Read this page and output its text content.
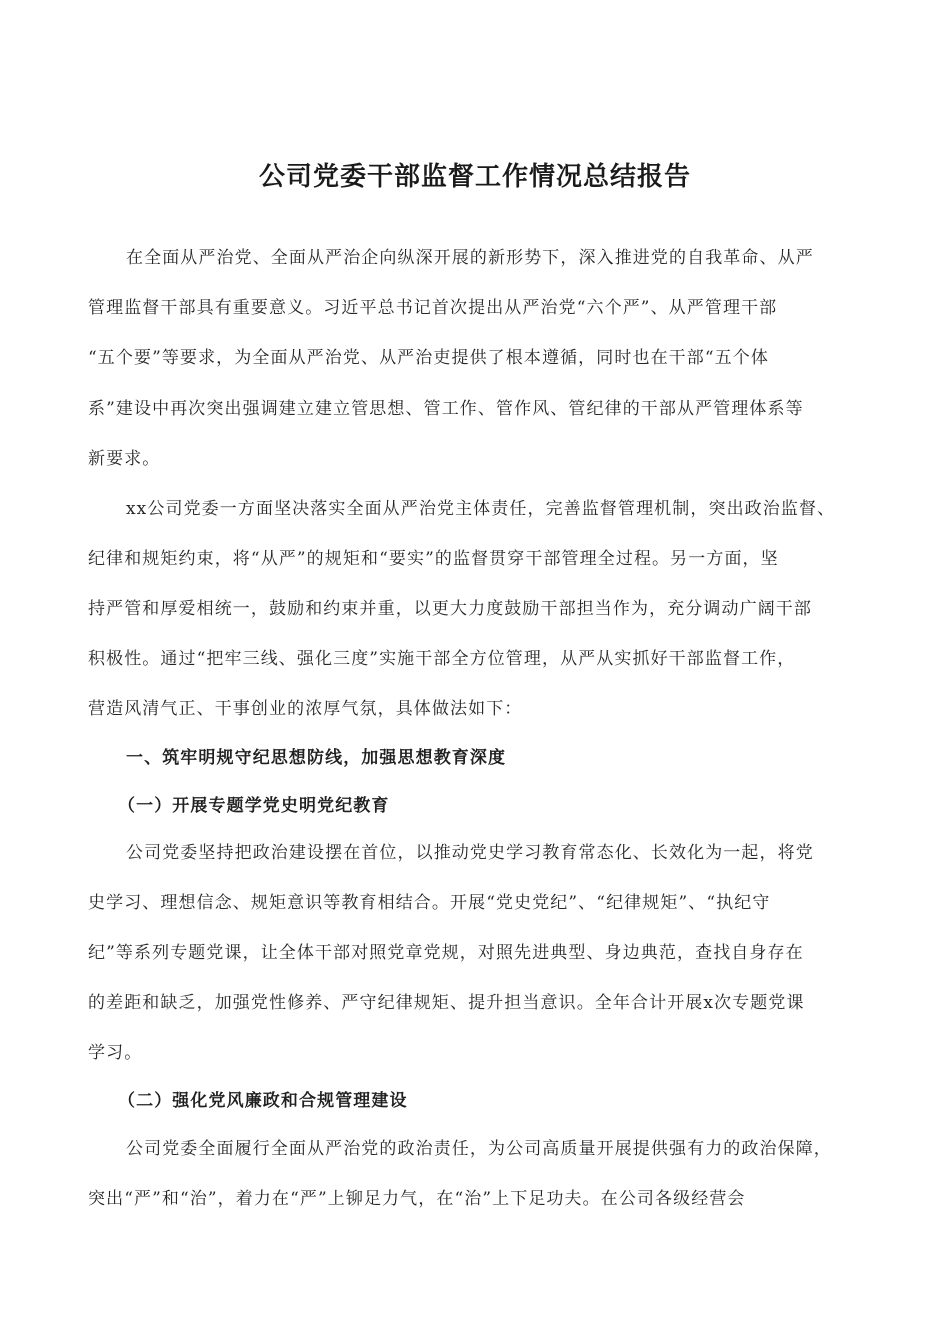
公司党委干部监督工作情况总结报告
在全面从严治党、全面从严治企向纵深开展的新形势下，深入推进党的自我革命、从严
管理监督干部具有重要意义。习近平总书记首次提出从严治党“六个严”、从严管理干部
“五个要”等要求，为全面从严治党、从严治吏提供了根本遵循，同时也在干部“五个体
系”建设中再次突出强调建立建立管思想、管工作、管作风、管纪律的干部从严管理体系等
新要求。
xx公司党委一方面坚决落实全面从严治党主体责任，完善监督管理机制，突出政治监督、
纪律和规矩约束，将“从严”的规矩和“要实”的监督贯穿干部管理全过程。另一方面，坚
持严管和厚爱相统一，鼓励和约束并重，以更大力度鼓励干部担当作为，充分调动广阔干部
积极性。通过“把牢三线、强化三度”实施干部全方位管理，从严从实抓好干部监督工作，
营造风清气正、干事创业的浓厚气氛，具体做法如下：
一、筑牢明规守纪思想防线，加强思想教育深度
（一）开展专题学党史明党纪教育
公司党委坚持把政治建设摆在首位，以推动党史学习教育常态化、长效化为一起，将党
史学习、理想信念、规矩意识等教育相结合。开展“党史党纪”、“纪律规矩”、“执纪守
纪”等系列专题党课，让全体干部对照党章党规，对照先进典型、身边典范，查找自身存在
的差距和缺乏，加强党性修养、严守纪律规矩、提升担当意识。全年合计开展x次专题党课
学习。
（二）强化党风廉政和合规管理建设
公司党委全面履行全面从严治党的政治责任，为公司高质量开展提供强有力的政治保障，
突出“严”和“治”，着力在“严”上铆足力气，在“治”上下足功夫。在公司各级经营会
